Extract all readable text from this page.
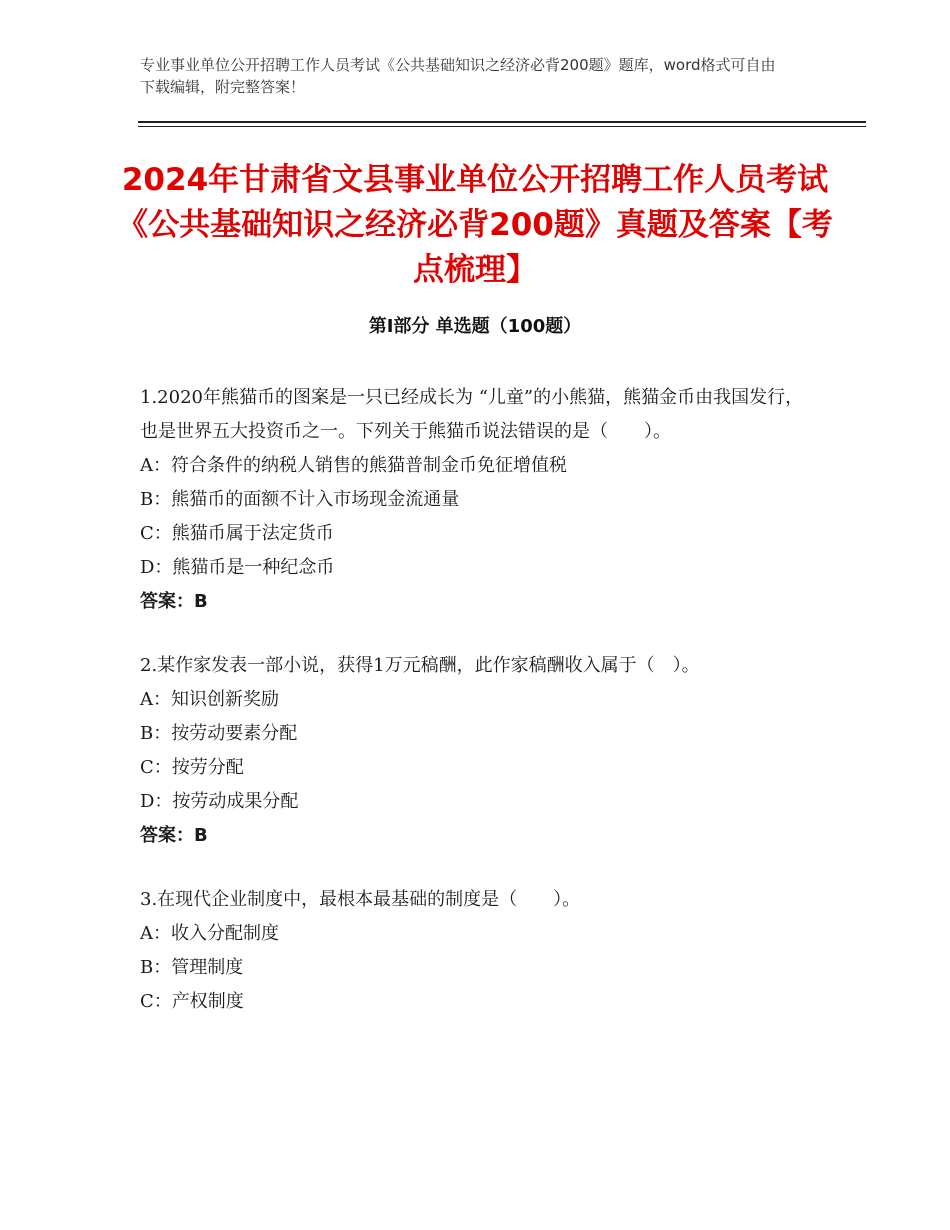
专业事业单位公开招聘工作人员考试《公共基础知识之经济必背200题》题库，word格式可自由下载编辑，附完整答案！
2024年甘肃省文县事业单位公开招聘工作人员考试《公共基础知识之经济必背200题》真题及答案【考点梳理】
第Ⅰ部分 单选题（100题）
1.2020年熊猫币的图案是一只已经成长为 “儿童”的小熊猫，熊猫金币由我国发行，也是世界五大投资币之一。下列关于熊猫币说法错误的是（　　）。
A：符合条件的纳税人销售的熊猫普制金币免征增值税
B：熊猫币的面额不计入市场现金流通量
C：熊猫币属于法定货币
D：熊猫币是一种纪念币
答案：B
2.某作家发表一部小说，获得1万元稿酬，此作家稿酬收入属于（　）。
A：知识创新奖励
B：按劳动要素分配
C：按劳分配
D：按劳动成果分配
答案：B
3.在现代企业制度中，最根本最基础的制度是（　　）。
A：收入分配制度
B：管理制度
C：产权制度
